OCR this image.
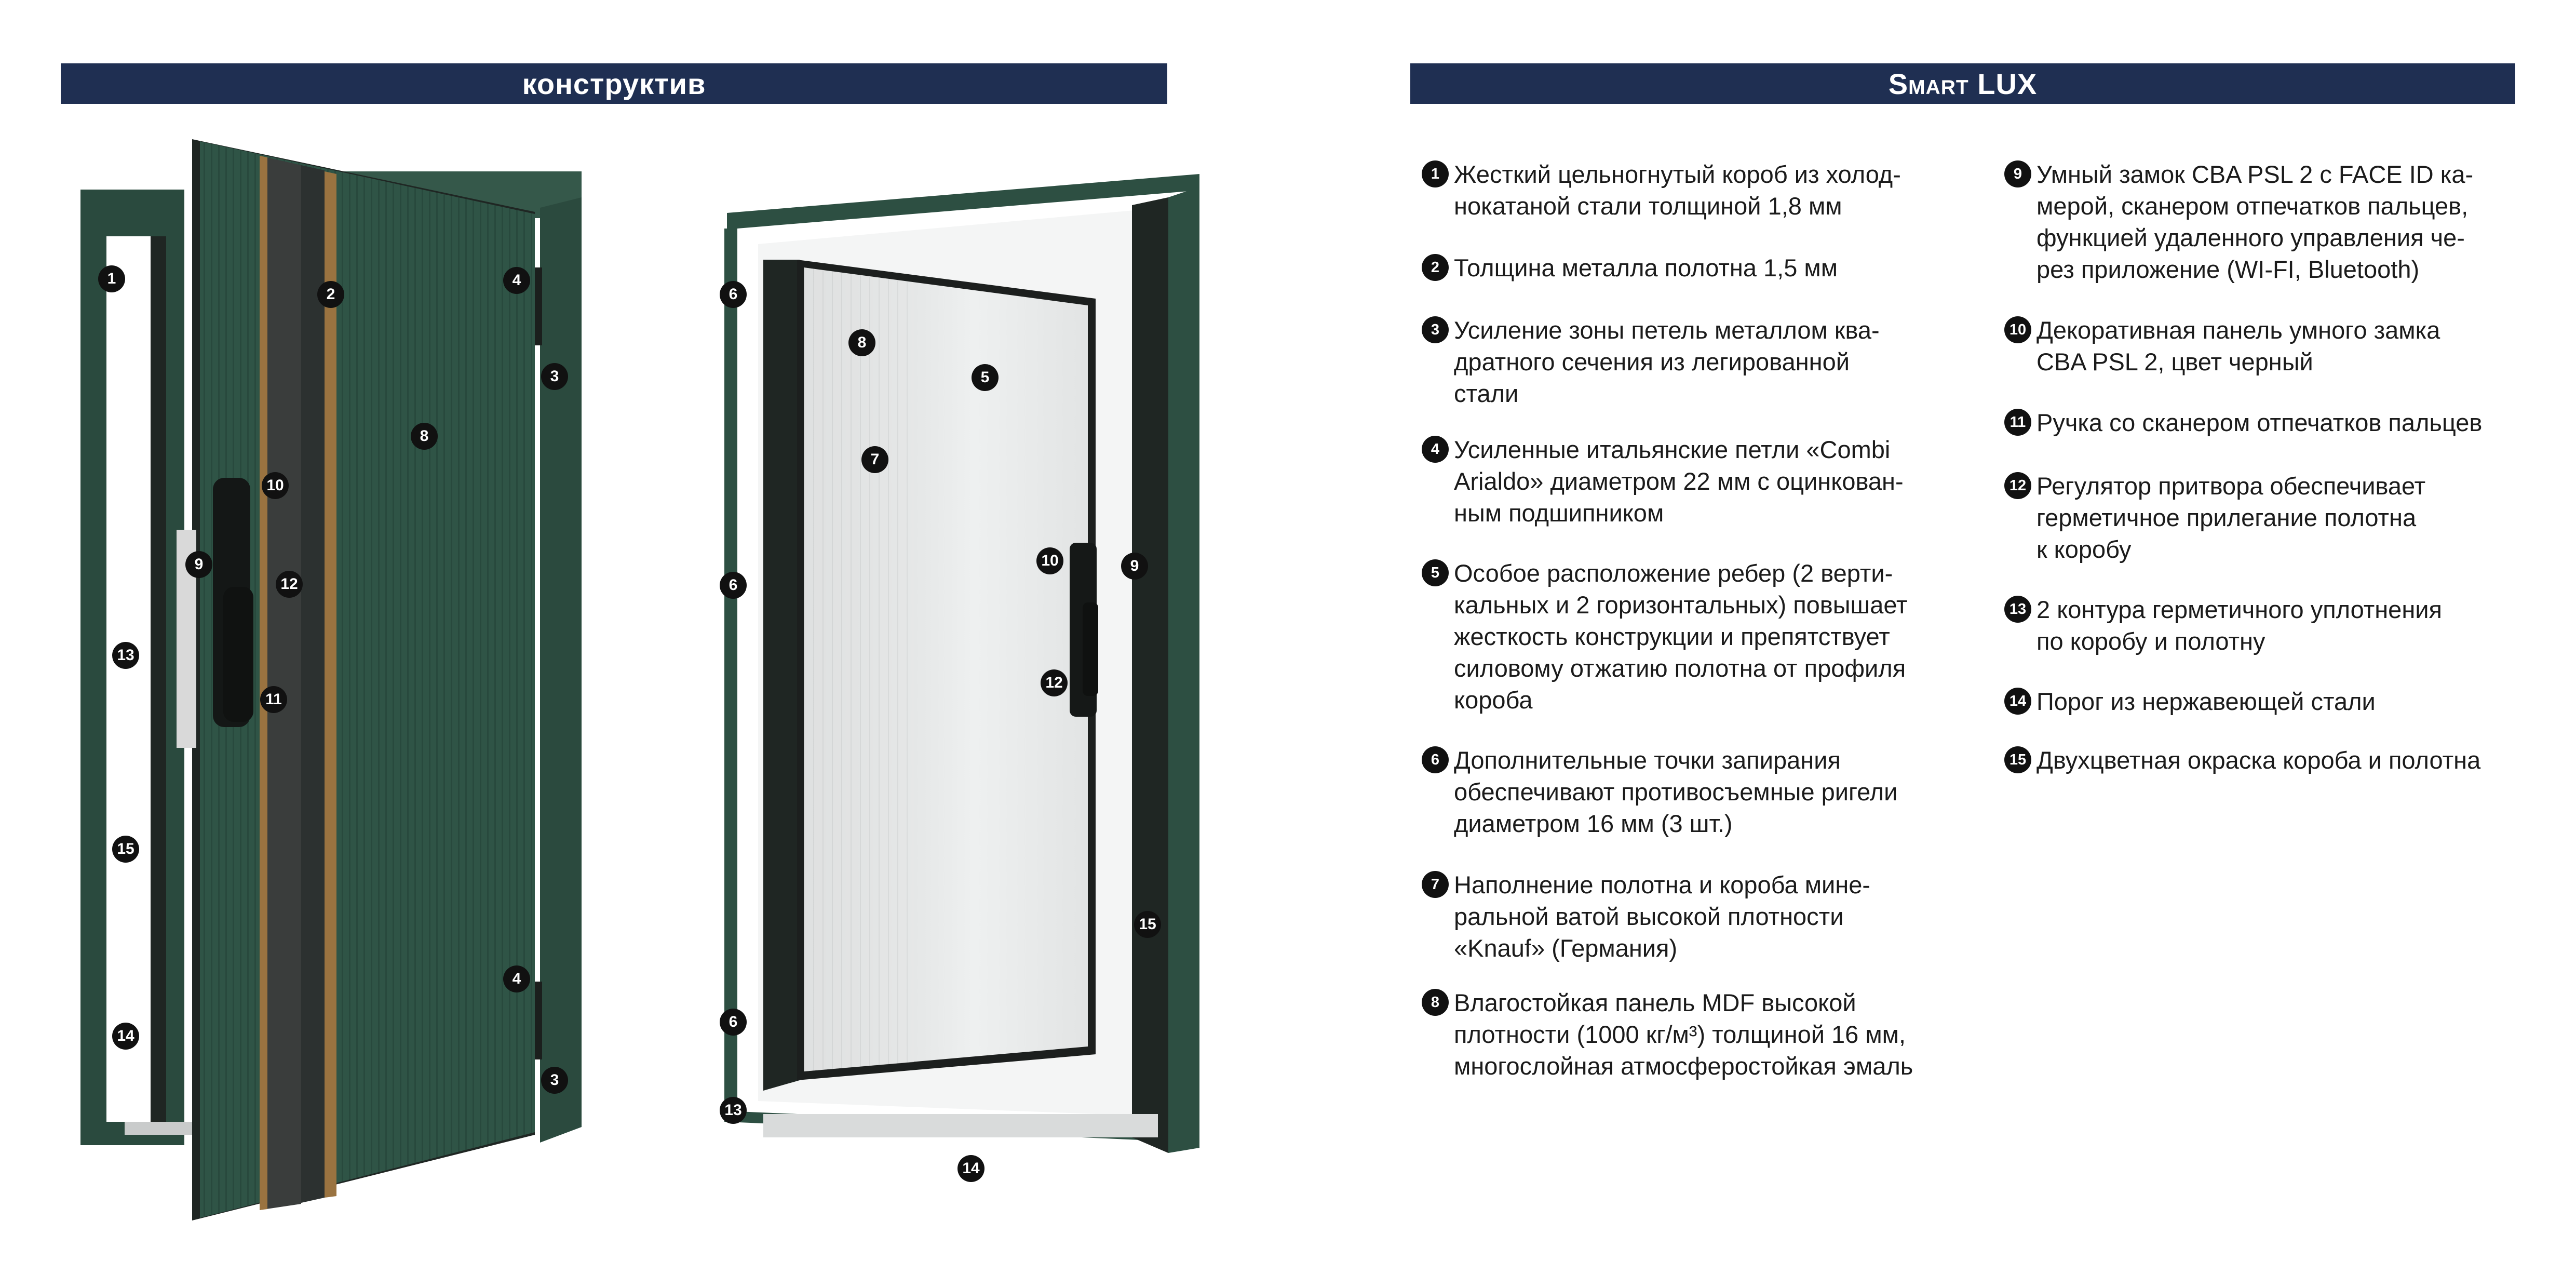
конструктив	Smart LUX
1
2
4
3
8
10
9
12
13
11
15
4
14
3
6
8
5
7
6
10	9
12
15
6
13
14
1 Жесткий цельногнутый короб из холод-
нокатаной стали толщиной 1,8 мм
2 Толщина металла полотна 1,5 мм
3 Усиление зоны петель металлом ква-
дратного сечения из легированной
стали
4 Усиленные итальянские петли «Combi
Arialdo» диаметром 22 мм с оцинкован-
ным подшипником
5 Особое расположение ребер (2 верти-
кальных и 2 горизонтальных) повышает
жесткость конструкции и препятствует
силовому отжатию полотна от профиля
короба
6 Дополнительные точки запирания
обеспечивают противосъемные ригели
диаметром 16 мм (3 шт.)
7 Наполнение полотна и короба мине-
ральной ватой высокой плотности
«Knauf» (Германия)
8 Влагостойкая панель MDF высокой
плотности (1000 кг/м³) толщиной 16 мм,
многослойная атмосферостойкая эмаль
9 Умный замок CBA PSL 2 с FACE ID ка-
мерой, сканером отпечатков пальцев,
функцией удаленного управления че-
рез приложение (WI-FI, Bluetooth)
10 Декоративная панель умного замка
CBA PSL 2, цвет черный
11 Ручка со сканером отпечатков пальцев
12 Регулятор притвора обеспечивает
герметичное прилегание полотна
к коробу
13 2 контура герметичного уплотнения
по коробу и полотну
14 Порог из нержавеющей стали
15 Двухцветная окраска короба и полотна
